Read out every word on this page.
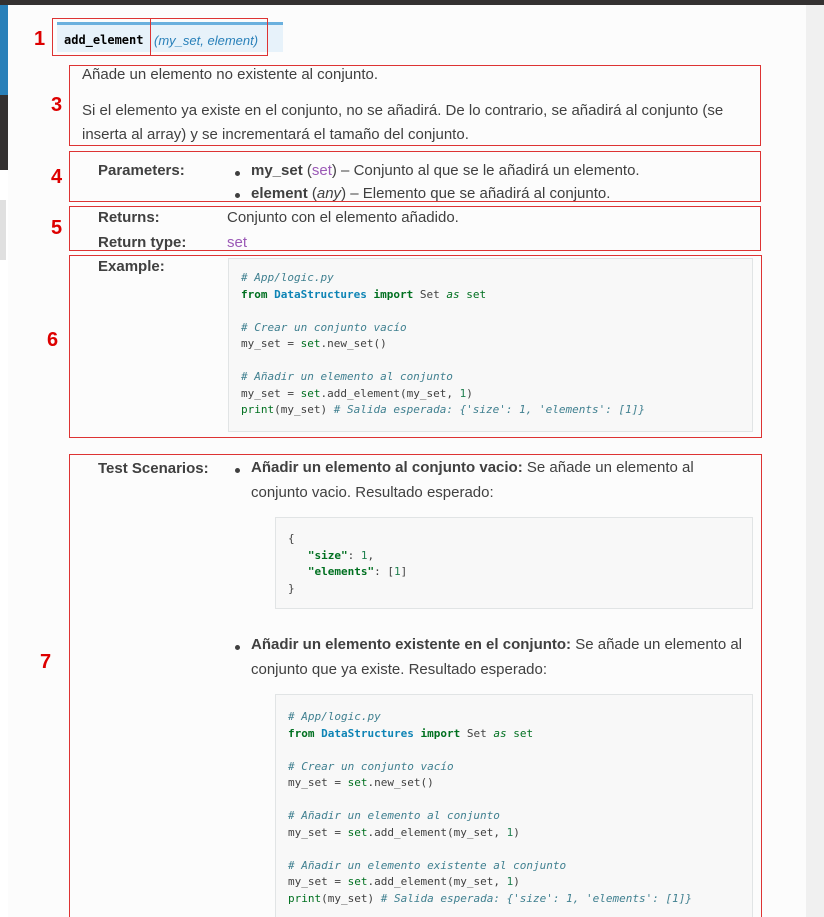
1
3
4
5
6
7
add_element (my_set, element)
Añade un elemento no existente al conjunto.
Si el elemento ya existe en el conjunto, no se añadirá. De lo contrario, se añadirá al conjunto (se
inserta al array) y se incrementará el tamaño del conjunto.
Parameters:	my_set (set) – Conjunto al que se le añadirá un elemento.
element (any) – Elemento que se añadirá al conjunto.
Returns:	Conjunto con el elemento añadido.
Return type:	set
Example:
# App/logic.py
from DataStructures import Set as set
# Crear un conjunto vacío
my_set = set.new_set()
# Añadir un elemento al conjunto
my_set = set.add_element(my_set, 1)
print(my_set) # Salida esperada: {'size': 1, 'elements': [1]}
Test Scenarios:	Añadir un elemento al conjunto vacio: Se añade un elemento al
conjunto vacio. Resultado esperado:
{
"size": 1,
"elements": [1]
}
Añadir un elemento existente en el conjunto: Se añade un elemento al
conjunto que ya existe. Resultado esperado:
# App/logic.py
from DataStructures import Set as set
# Crear un conjunto vacío
my_set = set.new_set()
# Añadir un elemento al conjunto
my_set = set.add_element(my_set, 1)
# Añadir un elemento existente al conjunto
my_set = set.add_element(my_set, 1)
print(my_set) # Salida esperada: {'size': 1, 'elements': [1]}
